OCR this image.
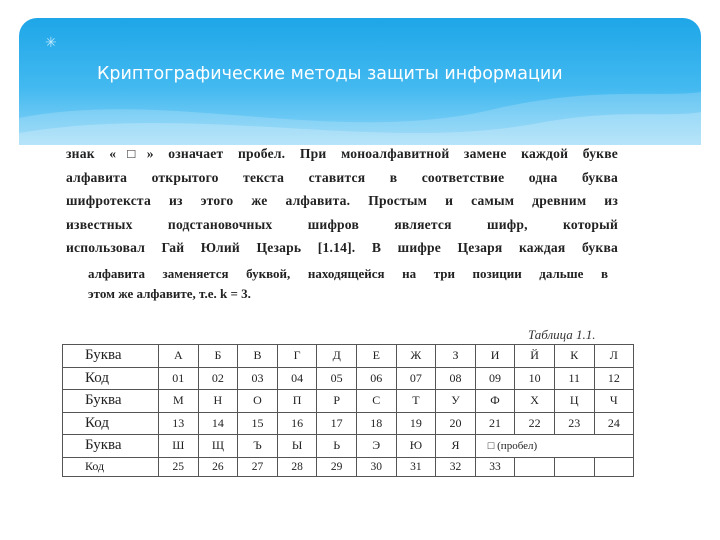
✳
Криптографические методы защиты информации
знак «□» означает пробел. При моноалфавитной замене каждой букве
алфавита открытого текста ставится в соответствие одна буква
шифротекста из этого же алфавита. Простым и самым древним из
известных подстановочных шифров является шифр, который
использовал Гай Юлий Цезарь [1.14]. В шифре Цезаря каждая буква
алфавита заменяется буквой, находящейся на три позиции дальше в
этом же алфавите, т.е. k = 3.
Таблица 1.1.
Буква	А	Б	В	Г	Д	Е	Ж	З	И	Й	К	Л
Код	01	02	03	04	05	06	07	08	09	10	11	12
Буква	М	Н	О	П	Р	С	Т	У	Ф	Х	Ц	Ч
Код	13	14	15	16	17	18	19	20	21	22	23	24
Буква	Ш	Щ	Ъ	Ы	Ь	Э	Ю	Я	□ (пробел)			
Код	25	26	27	28	29	30	31	32	33			
